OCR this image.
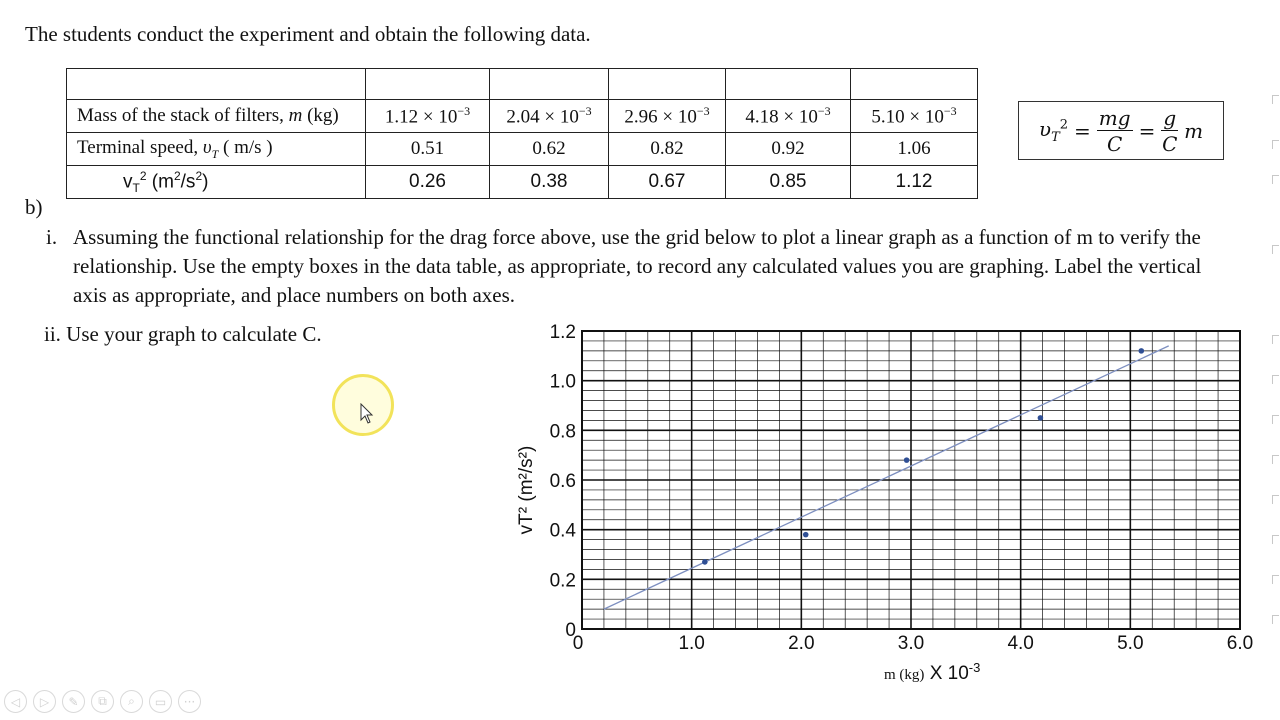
The students conduct the experiment and obtain the following data.

Mass of the stack of filters, m (kg)	$1.12 \times 10^{-3}$	$2.04 \times 10^{-3}$	$2.96 \times 10^{-3}$	$4.18 \times 10^{-3}$	$5.10 \times 10^{-3}$
Terminal speed, $\upsilon_T$ ( m/s )	0.51	0.62	0.82	0.92	1.06
$v_T^2$ $(m^2/s^2)$	0.26	0.38	0.67	0.85	1.12
$\upsilon_T^2 = \frac{mg}{C} = \frac{g}{C}$ m
b)
i. Assuming the functional relationship for the drag force above, use the grid below to plot a linear graph as a function of m to verify the relationship. Use the empty boxes in the data table, as appropriate, to record any calculated values you are graphing. Label the vertical axis as appropriate, and place numbers on both axes.
ii. Use your graph to calculate C.
0	1.0	2.0	3.0	4.0	5.0	6.0
0
0.2
0.4
0.6
0.8
1.0
1.2
m (kg) X $10^{-3}$
vT² (m²/s²)
◁	▷	✎	⧉	⌕	▭	···
